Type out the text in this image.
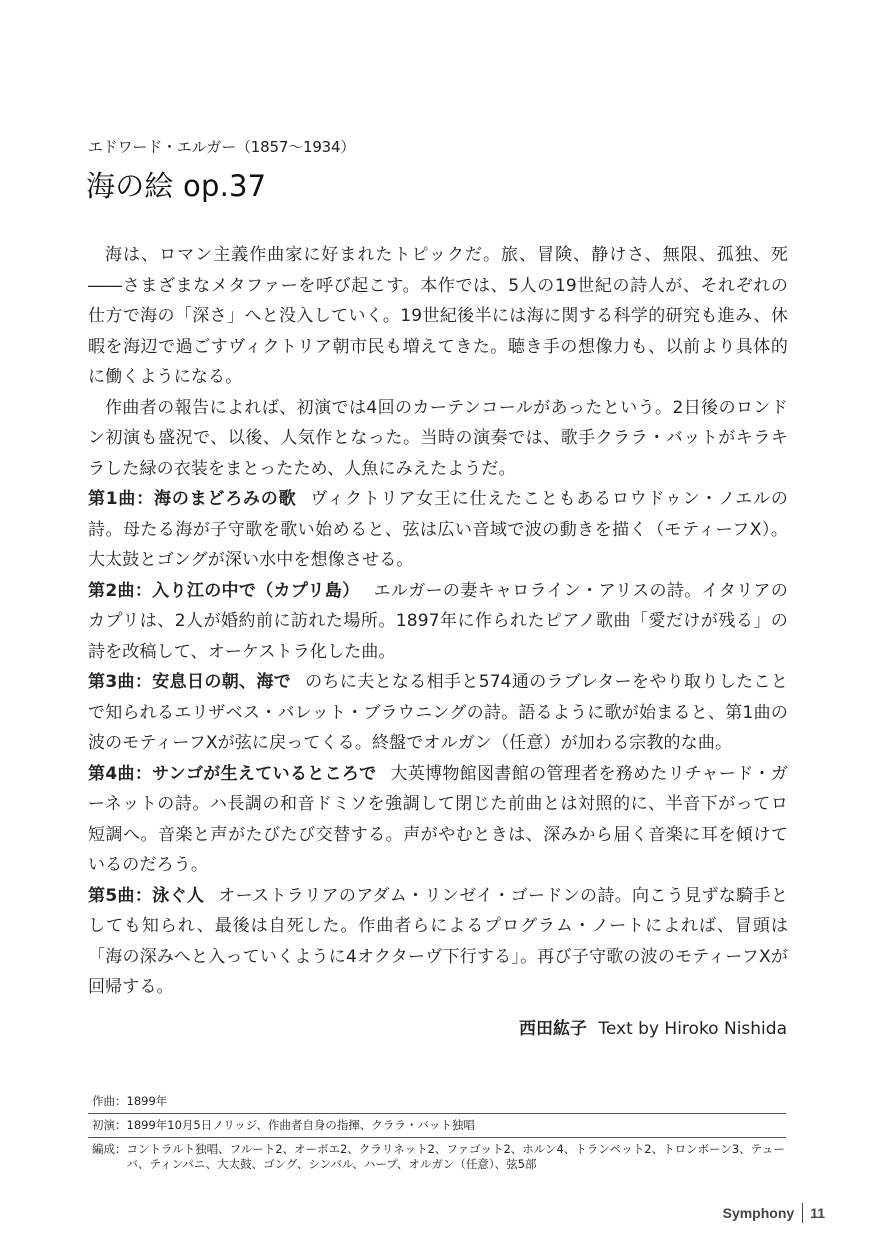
エドワード・エルガー（1857～1934）
海の絵 op.37

海は、ロマン主義作曲家に好まれたトピックだ。旅、冒険、静けさ、無限、孤独、死――さまざまなメタファーを呼び起こす。本作では、5人の19世紀の詩人が、それぞれの仕方で海の「深さ」へと没入していく。19世紀後半には海に関する科学的研究も進み、休暇を海辺で過ごすヴィクトリア朝市民も増えてきた。聴き手の想像力も、以前より具体的に働くようになる。

作曲者の報告によれば、初演では4回のカーテンコールがあったという。2日後のロンドン初演も盛況で、以後、人気作となった。当時の演奏では、歌手クララ・バットがキラキラした緑の衣装をまとったため、人魚にみえたようだ。

第1曲：海のまどろみの歌 ヴィクトリア女王に仕えたこともあるロウドゥン・ノエルの詩。母たる海が子守歌を歌い始めると、弦は広い音域で波の動きを描く（モティーフX）。大太鼓とゴングが深い水中を想像させる。

第2曲：入り江の中で（カプリ島） エルガーの妻キャロライン・アリスの詩。イタリアのカプリは、2人が婚約前に訪れた場所。1897年に作られたピアノ歌曲「愛だけが残る」の詩を改稿して、オーケストラ化した曲。

第3曲：安息日の朝、海で のちに夫となる相手と574通のラブレターをやり取りしたことで知られるエリザベス・バレット・ブラウニングの詩。語るように歌が始まると、第1曲の波のモティーフXが弦に戻ってくる。終盤でオルガン（任意）が加わる宗教的な曲。

第4曲：サンゴが生えているところで 大英博物館図書館の管理者を務めたリチャード・ガーネットの詩。ハ長調の和音ドミソを強調して閉じた前曲とは対照的に、半音下がってロ短調へ。音楽と声がたびたび交替する。声がやむときは、深みから届く音楽に耳を傾けているのだろう。

第5曲：泳ぐ人 オーストラリアのアダム・リンゼイ・ゴードンの詩。向こう見ずな騎手としても知られ、最後は自死した。作曲者らによるプログラム・ノートによれば、冒頭は「海の深みへと入っていくように4オクターヴ下行する」。再び子守歌の波のモティーフXが回帰する。

西田紘子 Text by Hiroko Nishida
作曲： 1899年
初演： 1899年10月5日ノリッジ、作曲者自身の指揮、クララ・バット独唱
編成： コントラルト独唱、フルート2、オーボエ2、クラリネット2、ファゴット2、ホルン4、トランペット2、トロンボーン3、テューバ、ティンパニ、大太鼓、ゴング、シンバル、ハープ、オルガン（任意）、弦5部
Symphony 11
